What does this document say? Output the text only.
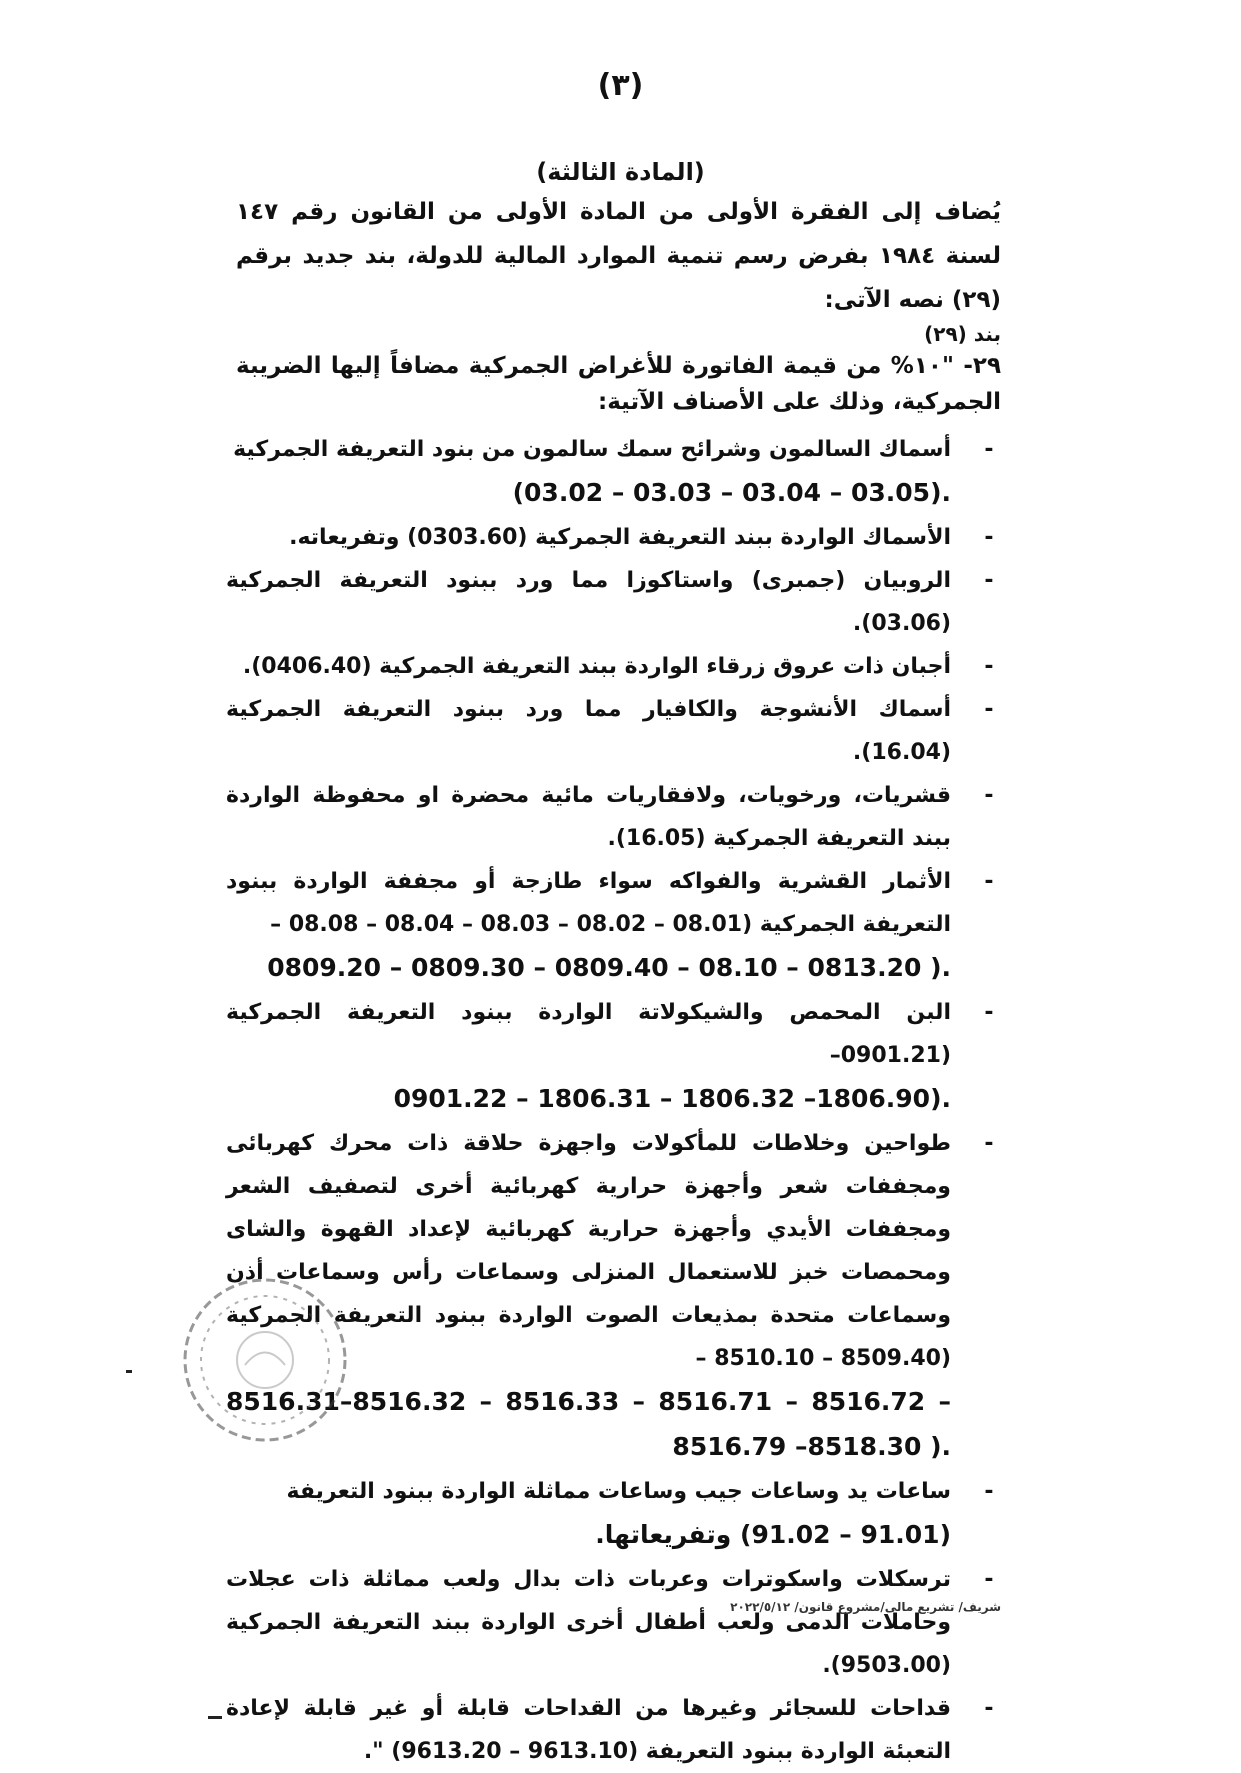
(٣)
(المادة الثالثة)
يُضاف إلى الفقرة الأولى من المادة الأولى من القانون رقم ١٤٧ لسنة ١٩٨٤ بفرض رسم تنمية الموارد المالية للدولة، بند جديد برقم (٢٩) نصه الآتى:
بند (٢٩)
٢٩- "١٠% من قيمة الفاتورة للأغراض الجمركية مضافاً إليها الضريبة الجمركية، وذلك على الأصناف الآتية:
-
أسماك السالمون وشرائح سمك سالمون من بنود التعريفة الجمركية
(03.02 – 03.03 – 03.04 – 03.05).
-
الأسماك الواردة ببند التعريفة الجمركية (0303.60) وتفريعاته.
-
الروبيان (جمبرى) واستاكوزا مما ورد ببنود التعريفة الجمركية (03.06).
-
أجبان ذات عروق زرقاء الواردة ببند التعريفة الجمركية (0406.40).
-
أسماك الأنشوجة والكافيار مما ورد ببنود التعريفة الجمركية (16.04).
-
قشريات، ورخويات، ولافقاريات مائية محضرة او محفوظة الواردة ببند التعريفة الجمركية (16.05).
-
الأثمار القشرية والفواكه سواء طازجة أو مجففة الواردة ببنود التعريفة الجمركية (08.01 – 08.02 – 08.03 – 08.04 – 08.08 –
0809.20 – 0809.30 – 0809.40 – 08.10 – 0813.20 ).
-
البن المحمص والشيكولاتة الواردة ببنود التعريفة الجمركية (0901.21–
0901.22 – 1806.31 – 1806.32 –1806.90).
-
طواحين وخلاطات للمأكولات واجهزة حلاقة ذات محرك كهربائى ومجففات شعر وأجهزة حرارية كهربائية أخرى لتصفيف الشعر ومجففات الأيدي وأجهزة حرارية كهربائية لإعداد القهوة والشاى ومحمصات خبز للاستعمال المنزلى وسماعات رأس وسماعات أذن وسماعات متحدة بمذيعات الصوت الواردة ببنود التعريفة الجمركية (8509.40 – 8510.10 –
8516.31–8516.32 – 8516.33 – 8516.71 – 8516.72 – 8516.79 –8518.30 ).
-
ساعات يد وساعات جيب وساعات مماثلة الواردة ببنود التعريفة
(91.01 – 91.02) وتفريعاتها.
-
ترسكلات واسكوترات وعربات ذات بدال ولعب مماثلة ذات عجلات وحاملات الدمى ولعب أطفال أخرى الواردة ببند التعريفة الجمركية (9503.00).
-
قداحات للسجائر وغيرها من القداحات قابلة أو غير قابلة لإعادة التعبئة الواردة ببنود التعريفة (9613.10 – 9613.20) ".
شريف/ تشريع مالى/مشروع قانون/ ٢٠٢٢/٥/١٢
